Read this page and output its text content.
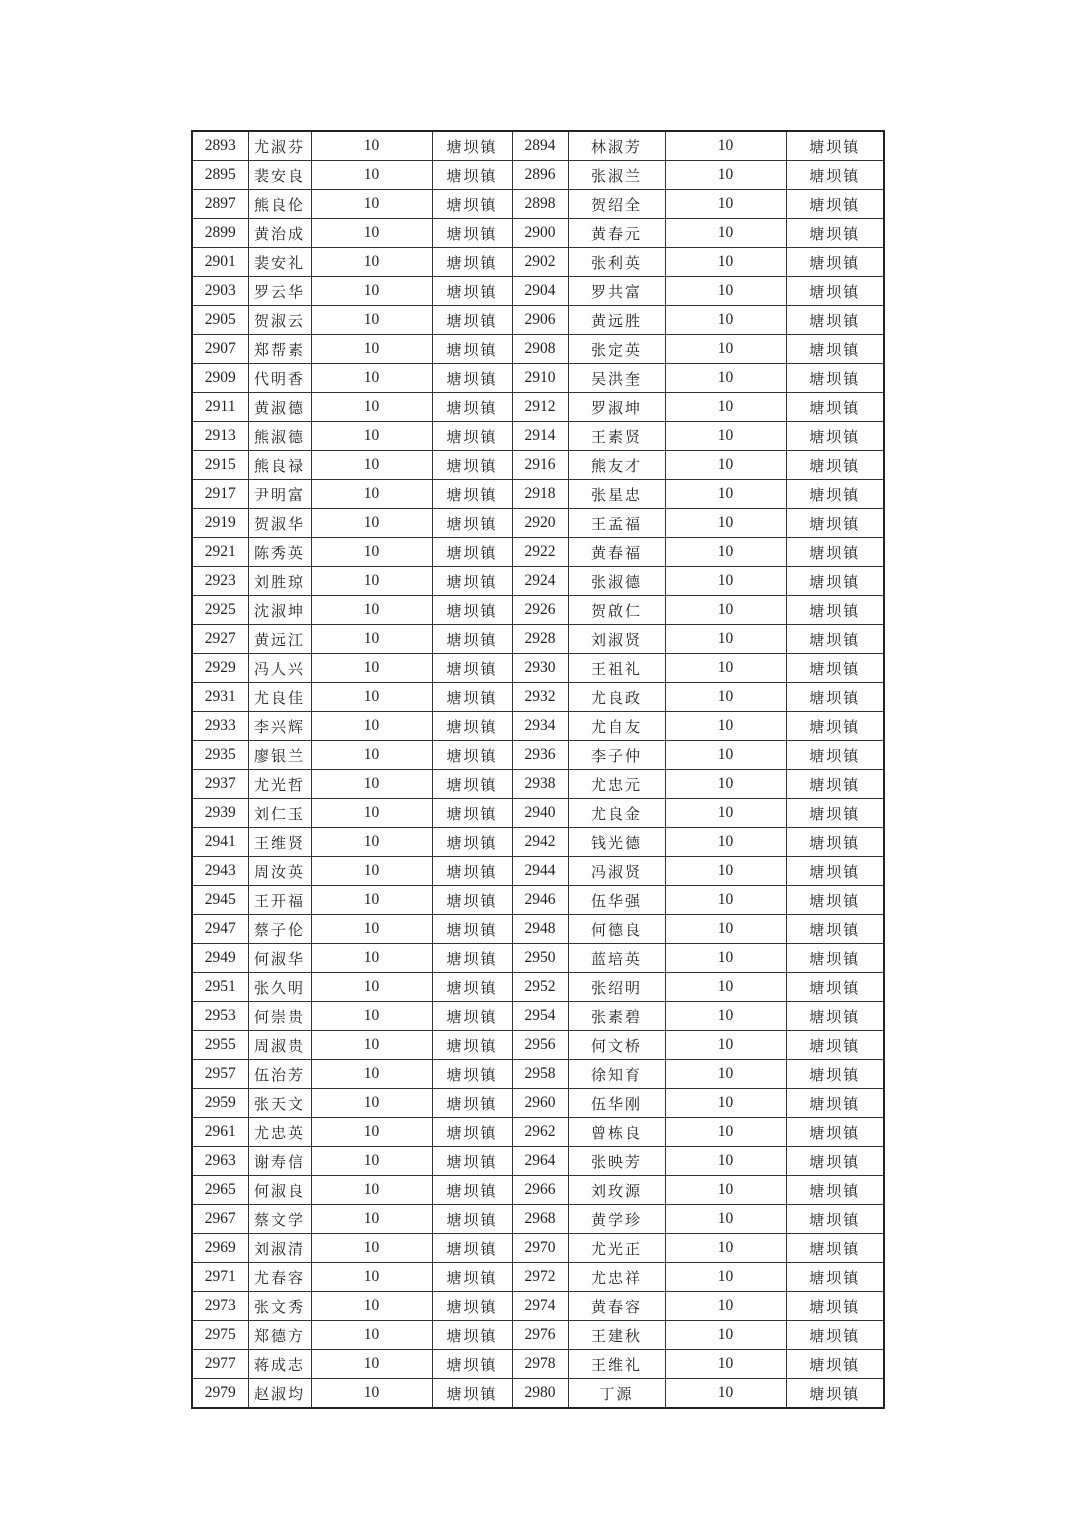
2893	尤淑芬	10	塘坝镇	2894	林淑芳	10	塘坝镇
2895	裴安良	10	塘坝镇	2896	张淑兰	10	塘坝镇
2897	熊良伦	10	塘坝镇	2898	贺绍全	10	塘坝镇
2899	黄治成	10	塘坝镇	2900	黄春元	10	塘坝镇
2901	裴安礼	10	塘坝镇	2902	张利英	10	塘坝镇
2903	罗云华	10	塘坝镇	2904	罗共富	10	塘坝镇
2905	贺淑云	10	塘坝镇	2906	黄远胜	10	塘坝镇
2907	郑帮素	10	塘坝镇	2908	张定英	10	塘坝镇
2909	代明香	10	塘坝镇	2910	吴洪奎	10	塘坝镇
2911	黄淑德	10	塘坝镇	2912	罗淑坤	10	塘坝镇
2913	熊淑德	10	塘坝镇	2914	王素贤	10	塘坝镇
2915	熊良禄	10	塘坝镇	2916	熊友才	10	塘坝镇
2917	尹明富	10	塘坝镇	2918	张星忠	10	塘坝镇
2919	贺淑华	10	塘坝镇	2920	王孟福	10	塘坝镇
2921	陈秀英	10	塘坝镇	2922	黄春福	10	塘坝镇
2923	刘胜琼	10	塘坝镇	2924	张淑德	10	塘坝镇
2925	沈淑坤	10	塘坝镇	2926	贺啟仁	10	塘坝镇
2927	黄远江	10	塘坝镇	2928	刘淑贤	10	塘坝镇
2929	冯人兴	10	塘坝镇	2930	王祖礼	10	塘坝镇
2931	尤良佳	10	塘坝镇	2932	尤良政	10	塘坝镇
2933	李兴辉	10	塘坝镇	2934	尤自友	10	塘坝镇
2935	廖银兰	10	塘坝镇	2936	李子仲	10	塘坝镇
2937	尤光哲	10	塘坝镇	2938	尤忠元	10	塘坝镇
2939	刘仁玉	10	塘坝镇	2940	尤良金	10	塘坝镇
2941	王维贤	10	塘坝镇	2942	钱光德	10	塘坝镇
2943	周汝英	10	塘坝镇	2944	冯淑贤	10	塘坝镇
2945	王开福	10	塘坝镇	2946	伍华强	10	塘坝镇
2947	蔡子伦	10	塘坝镇	2948	何德良	10	塘坝镇
2949	何淑华	10	塘坝镇	2950	蓝培英	10	塘坝镇
2951	张久明	10	塘坝镇	2952	张绍明	10	塘坝镇
2953	何崇贵	10	塘坝镇	2954	张素碧	10	塘坝镇
2955	周淑贵	10	塘坝镇	2956	何文桥	10	塘坝镇
2957	伍治芳	10	塘坝镇	2958	徐知育	10	塘坝镇
2959	张天文	10	塘坝镇	2960	伍华刚	10	塘坝镇
2961	尤忠英	10	塘坝镇	2962	曾栋良	10	塘坝镇
2963	谢寿信	10	塘坝镇	2964	张映芳	10	塘坝镇
2965	何淑良	10	塘坝镇	2966	刘玫源	10	塘坝镇
2967	蔡文学	10	塘坝镇	2968	黄学珍	10	塘坝镇
2969	刘淑清	10	塘坝镇	2970	尤光正	10	塘坝镇
2971	尤春容	10	塘坝镇	2972	尤忠祥	10	塘坝镇
2973	张文秀	10	塘坝镇	2974	黄春容	10	塘坝镇
2975	郑德方	10	塘坝镇	2976	王建秋	10	塘坝镇
2977	蒋成志	10	塘坝镇	2978	王维礼	10	塘坝镇
2979	赵淑均	10	塘坝镇	2980	丁源	10	塘坝镇
